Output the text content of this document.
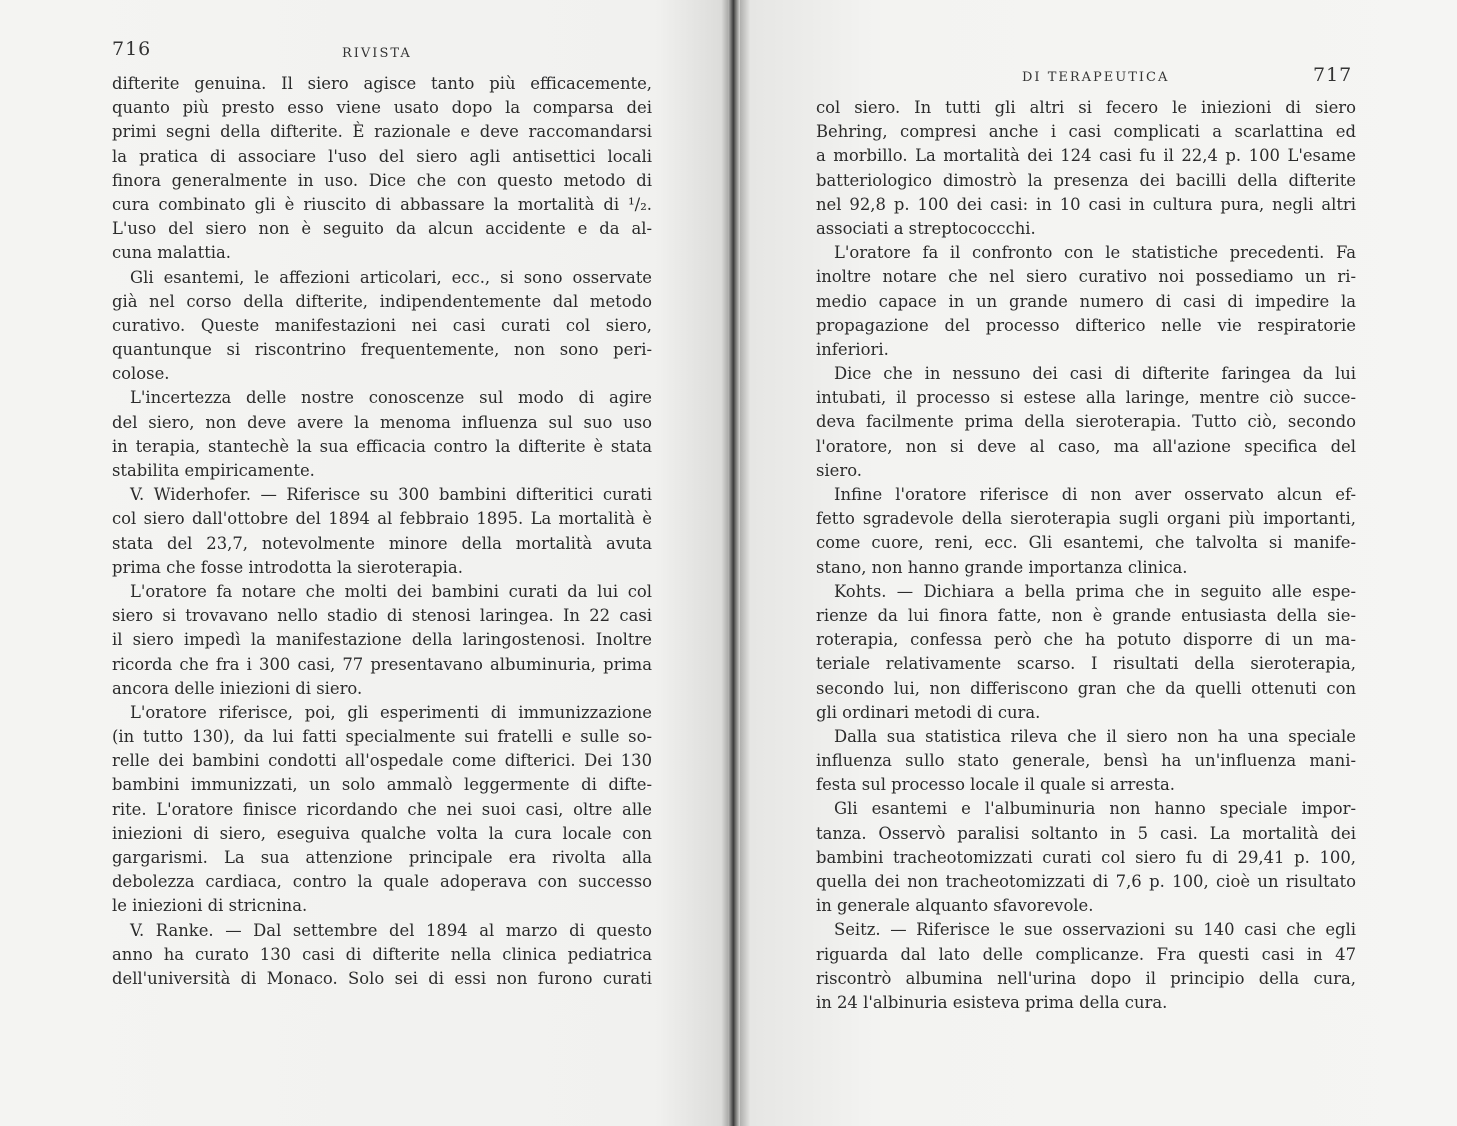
716	RIVISTA
difterite genuina. Il siero agisce tanto più efficacemente,
quanto più presto esso viene usato dopo la comparsa dei
primi segni della difterite. È razionale e deve raccomandarsi
la pratica di associare l'uso del siero agli antisettici locali
finora generalmente in uso. Dice che con questo metodo di
cura combinato gli è riuscito di abbassare la mortalità di ¹/₂.
L'uso del siero non è seguito da alcun accidente e da al-
cuna malattia.
Gli esantemi, le affezioni articolari, ecc., si sono osservate
già nel corso della difterite, indipendentemente dal metodo
curativo. Queste manifestazioni nei casi curati col siero,
quantunque si riscontrino frequentemente, non sono peri-
colose.
L'incertezza delle nostre conoscenze sul modo di agire
del siero, non deve avere la menoma influenza sul suo uso
in terapia, stantechè la sua efficacia contro la difterite è stata
stabilita empiricamente.
V. Widerhofer. — Riferisce su 300 bambini difteritici curati
col siero dall'ottobre del 1894 al febbraio 1895. La mortalità è
stata del 23,7, notevolmente minore della mortalità avuta
prima che fosse introdotta la sieroterapia.
L'oratore fa notare che molti dei bambini curati da lui col
siero si trovavano nello stadio di stenosi laringea. In 22 casi
il siero impedì la manifestazione della laringostenosi. Inoltre
ricorda che fra i 300 casi, 77 presentavano albuminuria, prima
ancora delle iniezioni di siero.
L'oratore riferisce, poi, gli esperimenti di immunizzazione
(in tutto 130), da lui fatti specialmente sui fratelli e sulle so-
relle dei bambini condotti all'ospedale come difterici. Dei 130
bambini immunizzati, un solo ammalò leggermente di difte-
rite. L'oratore finisce ricordando che nei suoi casi, oltre alle
iniezioni di siero, eseguiva qualche volta la cura locale con
gargarismi. La sua attenzione principale era rivolta alla
debolezza cardiaca, contro la quale adoperava con successo
le iniezioni di stricnina.
V. Ranke. — Dal settembre del 1894 al marzo di questo
anno ha curato 130 casi di difterite nella clinica pediatrica
dell'università di Monaco. Solo sei di essi non furono curati
717
DI TERAPEUTICA
col siero. In tutti gli altri si fecero le iniezioni di siero
Behring, compresi anche i casi complicati a scarlattina ed
a morbillo. La mortalità dei 124 casi fu il 22,4 p. 100 L'esame
batteriologico dimostrò la presenza dei bacilli della difterite
nel 92,8 p. 100 dei casi: in 10 casi in cultura pura, negli altri
associati a streptococcchi.
L'oratore fa il confronto con le statistiche precedenti. Fa
inoltre notare che nel siero curativo noi possediamo un ri-
medio capace in un grande numero di casi di impedire la
propagazione del processo difterico nelle vie respiratorie
inferiori.
Dice che in nessuno dei casi di difterite faringea da lui
intubati, il processo si estese alla laringe, mentre ciò succe-
deva facilmente prima della sieroterapia. Tutto ciò, secondo
l'oratore, non si deve al caso, ma all'azione specifica del
siero.
Infine l'oratore riferisce di non aver osservato alcun ef-
fetto sgradevole della sieroterapia sugli organi più importanti,
come cuore, reni, ecc. Gli esantemi, che talvolta si manife-
stano, non hanno grande importanza clinica.
Kohts. — Dichiara a bella prima che in seguito alle espe-
rienze da lui finora fatte, non è grande entusiasta della sie-
roterapia, confessa però che ha potuto disporre di un ma-
teriale relativamente scarso. I risultati della sieroterapia,
secondo lui, non differiscono gran che da quelli ottenuti con
gli ordinari metodi di cura.
Dalla sua statistica rileva che il siero non ha una speciale
influenza sullo stato generale, bensì ha un'influenza mani-
festa sul processo locale il quale si arresta.
Gli esantemi e l'albuminuria non hanno speciale impor-
tanza. Osservò paralisi soltanto in 5 casi. La mortalità dei
bambini tracheotomizzati curati col siero fu di 29,41 p. 100,
quella dei non tracheotomizzati di 7,6 p. 100, cioè un risultato
in generale alquanto sfavorevole.
Seitz. — Riferisce le sue osservazioni su 140 casi che egli
riguarda dal lato delle complicanze. Fra questi casi in 47
riscontrò albumina nell'urina dopo il principio della cura,
in 24 l'albinuria esisteva prima della cura.
